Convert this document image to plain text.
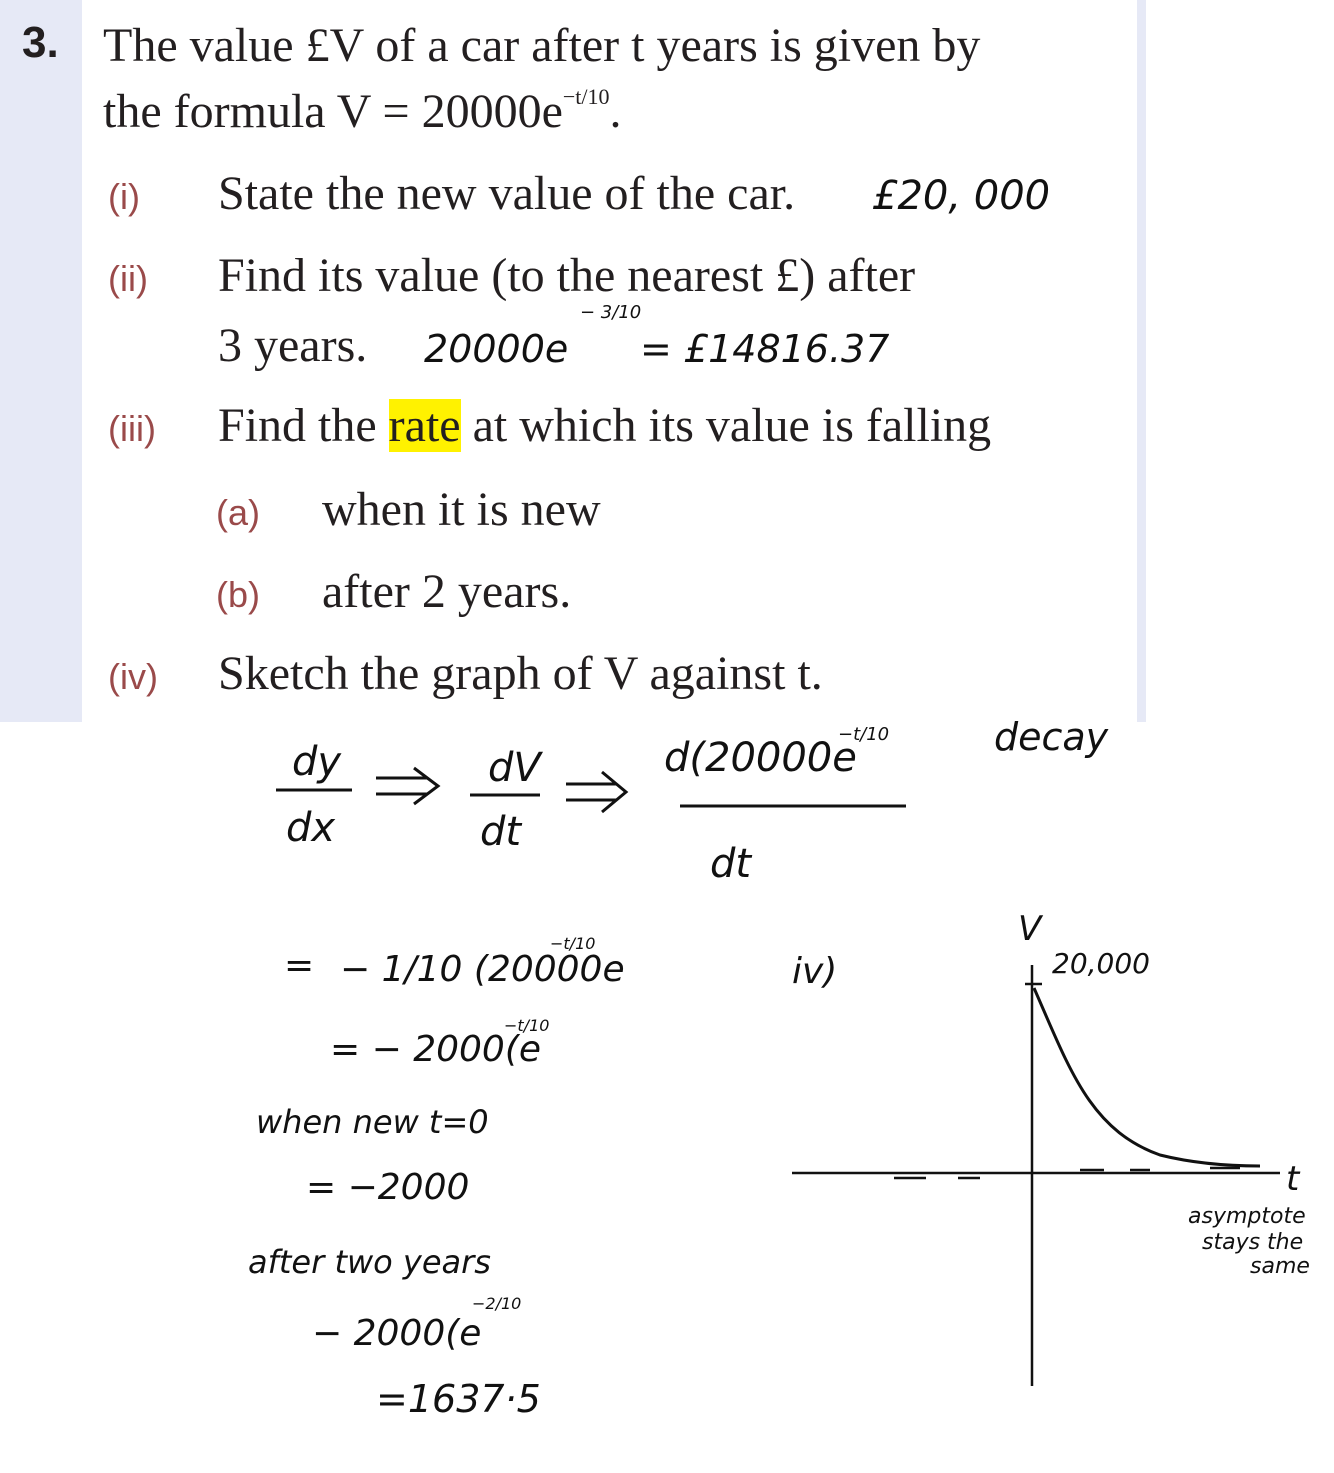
3. The value £V of a car after t years is given by
the formula $V = 20000e^{-t/10}$.
(i) State the new value of the car.
(ii) Find its value (to the nearest £) after
3 years.
(iii) Find the rate at which its value is falling
(a) when it is new
(b) after 2 years.
(iv) Sketch the graph of V against t.
£20, 000
20000e
− 3/10
= £14816.37
dy
dx
dV
dt
d(20000e
−t/10
dt
decay
= − 1/10 (20000e
−t/10
= − 2000(e
−t/10
when new t=0
= −2000
after two years
− 2000(e
−2/10
=1637·5
iv)
V
20,000
t
asymptote
stays the
same
